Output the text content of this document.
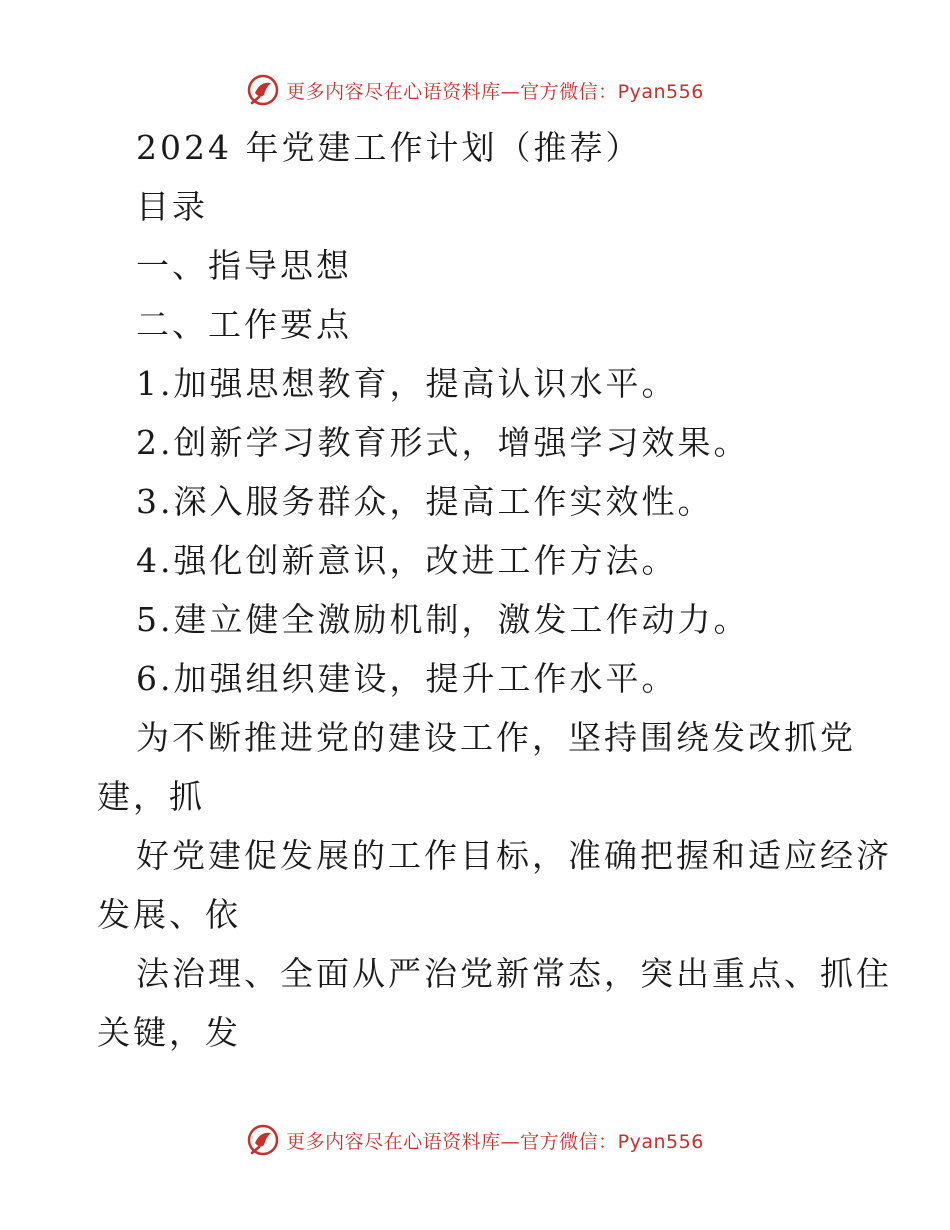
更多内容尽在心语资料库—官方微信：Pyan556
2024 年党建工作计划（推荐）
目录
一、指导思想
二、工作要点
1.加强思想教育，提高认识水平。
2.创新学习教育形式，增强学习效果。
3.深入服务群众，提高工作实效性。
4.强化创新意识，改进工作方法。
5.建立健全激励机制，激发工作动力。
6.加强组织建设，提升工作水平。
为不断推进党的建设工作，坚持围绕发改抓党
建，抓
好党建促发展的工作目标，准确把握和适应经济
发展、依
法治理、全面从严治党新常态，突出重点、抓住
关键，发
更多内容尽在心语资料库—官方微信：Pyan556
